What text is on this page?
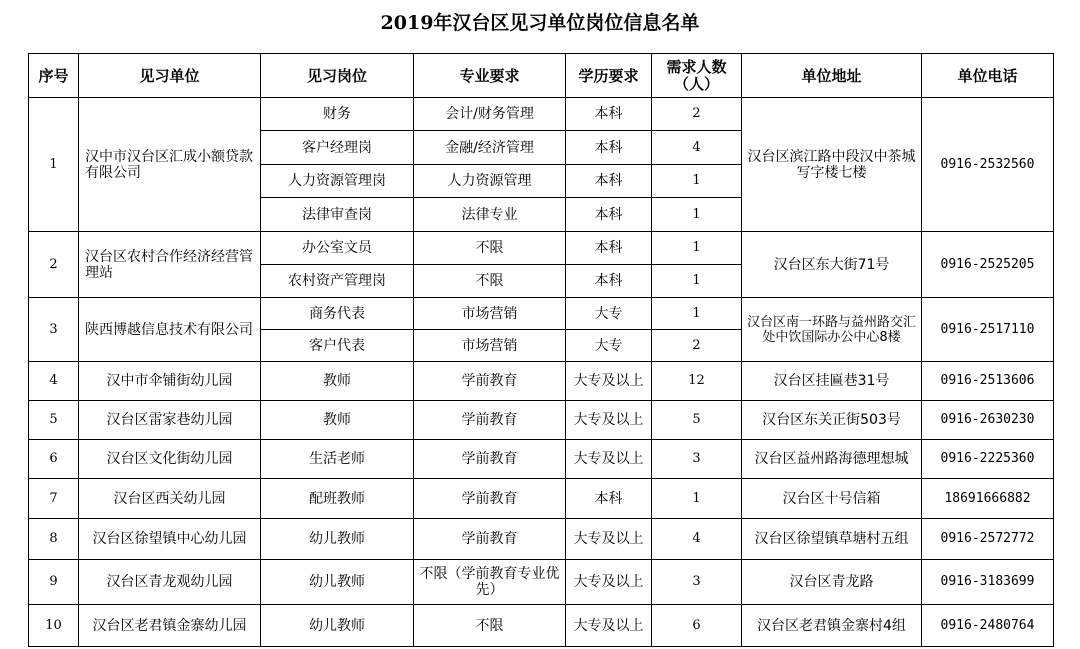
2019年汉台区见习单位岗位信息名单
序号	见习单位	见习岗位	专业要求	学历要求	需求人数（人）	单位地址	单位电话
1	汉中市汉台区汇成小额贷款有限公司	财务	会计/财务管理	本科	2	汉台区滨江路中段汉中茶城写字楼七楼	0916-2532560
		客户经理岗	金融/经济管理	本科	4		
		人力资源管理岗	人力资源管理	本科	1		
		法律审查岗	法律专业	本科	1		
2	汉台区农村合作经济经营管理站	办公室文员	不限	本科	1	汉台区东大街71号	0916-2525205
		农村资产管理岗	不限	本科	1		
3	陕西博越信息技术有限公司	商务代表	市场营销	大专	1	汉台区南一环路与益州路交汇处中饮国际办公中心8楼	0916-2517110
		客户代表	市场营销	大专	2		
4	汉中市伞铺街幼儿园	教师	学前教育	大专及以上	12	汉台区挂匾巷31号	0916-2513606
5	汉台区雷家巷幼儿园	教师	学前教育	大专及以上	5	汉台区东关正街503号	0916-2630230
6	汉台区文化街幼儿园	生活老师	学前教育	大专及以上	3	汉台区益州路海德理想城	0916-2225360
7	汉台区西关幼儿园	配班教师	学前教育	本科	1	汉台区十号信箱	18691666882
8	汉台区徐望镇中心幼儿园	幼儿教师	学前教育	大专及以上	4	汉台区徐望镇草塘村五组	0916-2572772
9	汉台区青龙观幼儿园	幼儿教师	不限（学前教育专业优先）	大专及以上	3	汉台区青龙路	0916-3183699
10	汉台区老君镇金寨幼儿园	幼儿教师	不限	大专及以上	6	汉台区老君镇金寨村4组	0916-2480764
